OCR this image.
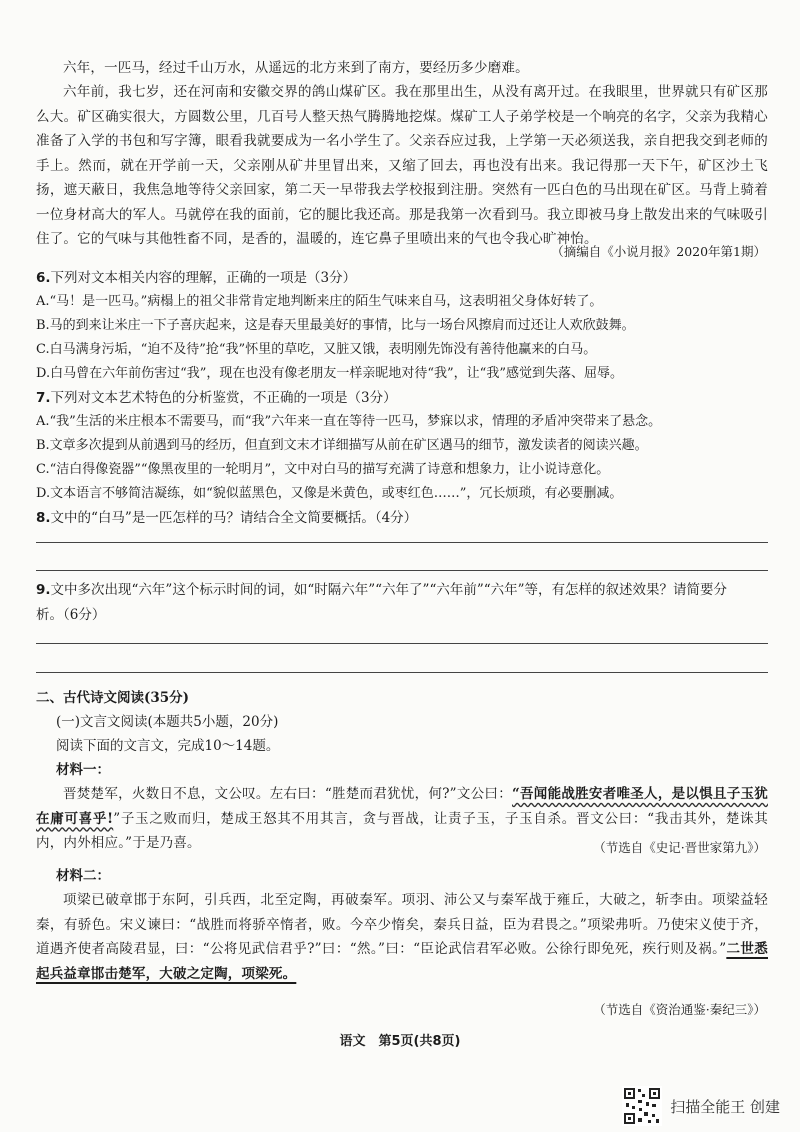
六年，一匹马，经过千山万水，从遥远的北方来到了南方，要经历多少磨难。

六年前，我七岁，还在河南和安徽交界的鸽山煤矿区。我在那里出生，从没有离开过。在我眼里，世界就只有矿区那么大。矿区确实很大，方圆数公里，几百号人整天热气腾腾地挖煤。煤矿工人子弟学校是一个响亮的名字，父亲为我精心准备了入学的书包和写字簿，眼看我就要成为一名小学生了。父亲吞应过我，上学第一天必须送我，亲自把我交到老师的手上。然而，就在开学前一天，父亲刚从矿井里冒出来，又缩了回去，再也没有出来。我记得那一天下午，矿区沙土飞扬，遮天蔽日，我焦急地等待父亲回家，第二天一早带我去学校报到注册。突然有一匹白色的马出现在矿区。马背上骑着一位身材高大的军人。马就停在我的面前，它的腿比我还高。那是我第一次看到马。我立即被马身上散发出来的气味吸引住了。它的气味与其他牲畜不同，是香的，温暖的，连它鼻子里喷出来的气也令我心旷神怡。

（摘编自《小说月报》2020年第1期）

6.下列对文本相关内容的理解，正确的一项是（3分）

A.“马！是一匹马。”病榻上的祖父非常肯定地判断来庄的陌生气味来自马，这表明祖父身体好转了。

B.马的到来让米庄一下子喜庆起来，这是春天里最美好的事情，比与一场台风擦肩而过还让人欢欣鼓舞。

C.白马满身污垢，“迫不及待”抢“我”怀里的草吃，又脏又饿，表明刚先饰没有善待他赢来的白马。

D.白马曾在六年前伤害过“我”，现在也没有像老朋友一样亲昵地对待“我”，让“我”感觉到失落、屈辱。

7.下列对文本艺术特色的分析鉴赏，不正确的一项是（3分）

A.“我”生活的米庄根本不需要马，而“我”六年来一直在等待一匹马，梦寐以求，情理的矛盾冲突带来了悬念。

B.文章多次提到从前遇到马的经历，但直到文末才详细描写从前在矿区遇马的细节，激发读者的阅读兴趣。

C.“洁白得像瓷器”“像黑夜里的一轮明月”，文中对白马的描写充满了诗意和想象力，让小说诗意化。

D.文本语言不够简洁凝练，如“貌似蓝黑色，又像是米黄色，或枣红色……”，冗长烦琐，有必要删减。

8.文中的“白马”是一匹怎样的马？请结合全文简要概括。（4分）

9.文中多次出现“六年”这个标示时间的词，如“时隔六年”“六年了”“六年前”“六年”等，有怎样的叙述效果？请简要分
析。（6分）

二、古代诗文阅读(35分)

(一)文言文阅读(本题共5小题，20分)

阅读下面的文言文，完成10～14题。

材料一：

晋焚楚军，火数日不息，文公叹。左右曰：“胜楚而君犹忧，何?”文公曰：“吾闻能战胜安者唯圣人，是以惧且子玉犹在庸可喜乎!”子玉之败而归，楚成王怒其不用其言，贪与晋战，让责子玉，子玉自杀。晋文公曰：“我击其外，楚诛其内，内外相应。”于是乃喜。	（节选自《史记·晋世家第九》）

材料二：

项梁已破章邯于东阿，引兵西，北至定陶，再破秦军。项羽、沛公又与秦军战于雍丘，大破之，斩李由。项梁益轻秦，有骄色。宋义谏曰：“战胜而将骄卒惰者，败。今卒少惰矣，秦兵日益，臣为君畏之。”项梁弗听。乃使宋义使于齐，道遇齐使者高陵君显，曰：“公将见武信君乎?”曰：“然。”曰：“臣论武信君军必败。公徐行即免死，疾行则及祸。”二世悉起兵益章邯击楚军，大破之定陶，项梁死。

（节选自《资治通鉴·秦纪三》）
语文　第5页(共8页)
扫描全能王 创建
